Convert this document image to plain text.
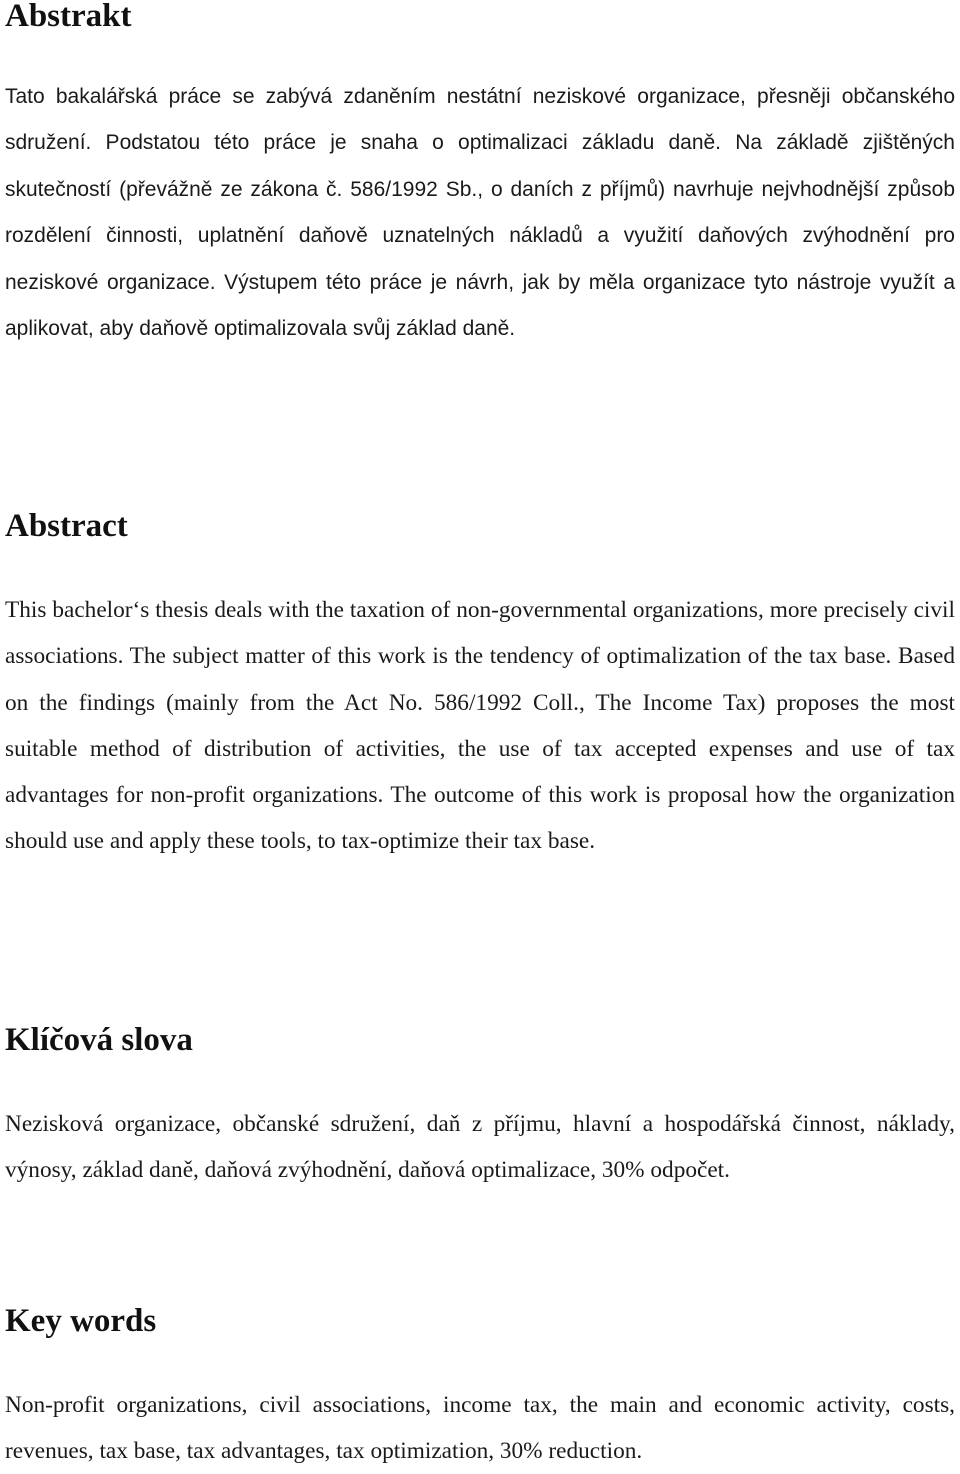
Abstrakt

Tato bakalářská práce se zabývá zdaněním nestátní neziskové organizace, přesněji občanského sdružení. Podstatou této práce je snaha o optimalizaci základu daně. Na základě zjištěných skutečností (převážně ze zákona č. 586/1992 Sb., o daních z příjmů) navrhuje nejvhodnější způsob rozdělení činnosti, uplatnění daňově uznatelných nákladů a využití daňových zvýhodnění pro neziskové organizace. Výstupem této práce je návrh, jak by měla organizace tyto nástroje využít a aplikovat, aby daňově optimalizovala svůj základ daně.

Abstract

This bachelor‘s thesis deals with the taxation of non-governmental organizations, more precisely civil associations. The subject matter of this work is the tendency of optimalization of the tax base. Based on the findings (mainly from the Act No. 586/1992 Coll., The Income Tax) proposes the most suitable method of distribution of activities, the use of tax accepted expenses and use of tax advantages for non-profit organizations. The outcome of this work is proposal how the organization should use and apply these tools, to tax-optimize their tax base.

Klíčová slova

Nezisková organizace, občanské sdružení, daň z příjmu, hlavní a hospodářská činnost, náklady, výnosy, základ daně, daňová zvýhodnění, daňová optimalizace, 30% odpočet.

Key words

Non-profit organizations, civil associations, income tax, the main and economic activity, costs, revenues, tax base, tax advantages, tax optimization, 30% reduction.
